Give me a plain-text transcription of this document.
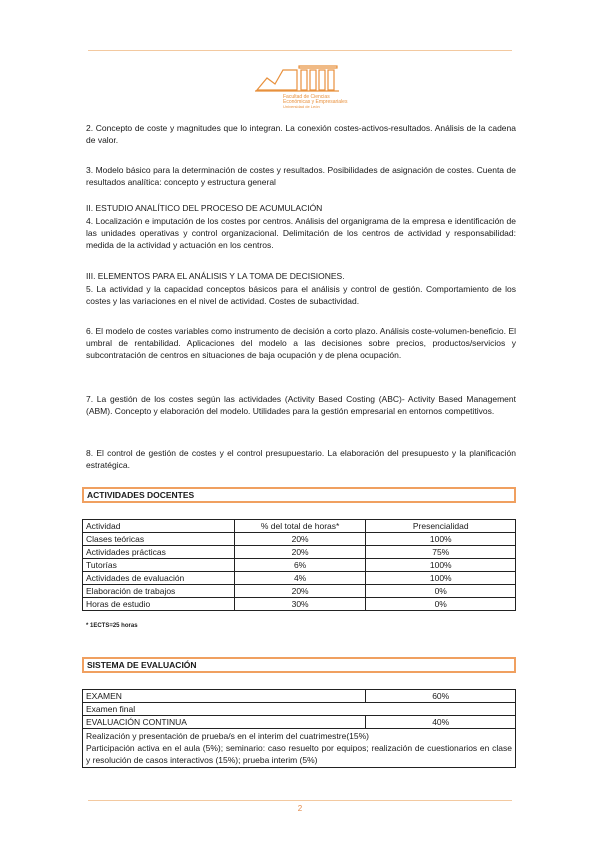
Facultad de Ciencias
Económicas y Empresariales
Universidad de León

2. Concepto de coste y magnitudes que lo integran. La conexión costes-activos-resultados. Análisis de la cadena de valor.

3. Modelo básico para la determinación de costes y resultados. Posibilidades de asignación de costes. Cuenta de resultados analítica: concepto y estructura general

II. ESTUDIO ANALÍTICO DEL PROCESO DE ACUMULACIÓN

4. Localización e imputación de los costes por centros. Análisis del organigrama de la empresa e identificación de las unidades operativas y control organizacional. Delimitación de los centros de actividad y responsabilidad: medida de la actividad y actuación en los centros.

III. ELEMENTOS PARA EL ANÁLISIS Y LA TOMA DE DECISIONES.

5. La actividad y la capacidad conceptos básicos para el análisis y control de gestión. Comportamiento de los costes y las variaciones en el nivel de actividad. Costes de subactividad.

6. El modelo de costes variables como instrumento de decisión a corto plazo. Análisis coste-volumen-beneficio. El umbral de rentabilidad. Aplicaciones del modelo a las decisiones sobre precios, productos/servicios y subcontratación de centros en situaciones de baja ocupación y de plena ocupación.

7. La gestión de los costes según las actividades (Activity Based Costing (ABC)- Activity Based Management (ABM). Concepto y elaboración del modelo. Utilidades para la gestión empresarial en entornos competitivos.

8. El control de gestión de costes y el control presupuestario. La elaboración del presupuesto y la planificación estratégica.

ACTIVIDADES DOCENTES
Actividad	% del total de horas*	Presencialidad
Clases teóricas	20%	100%
Actividades prácticas	20%	75%
Tutorías	6%	100%
Actividades de evaluación	4%	100%
Elaboración de trabajos	20%	0%
Horas de estudio	30%	0%
* 1ECTS=25 horas
SISTEMA DE EVALUACIÓN
EXAMEN	60%
Examen final	
EVALUACIÓN CONTINUA	40%

Realización y presentación de prueba/s en el interim del cuatrimestre(15%)
Participación activa en el aula (5%); seminario: caso resuelto por equipos; realización de cuestionarios en clase y resolución de casos interactivos (15%); prueba interim (5%)	
2
